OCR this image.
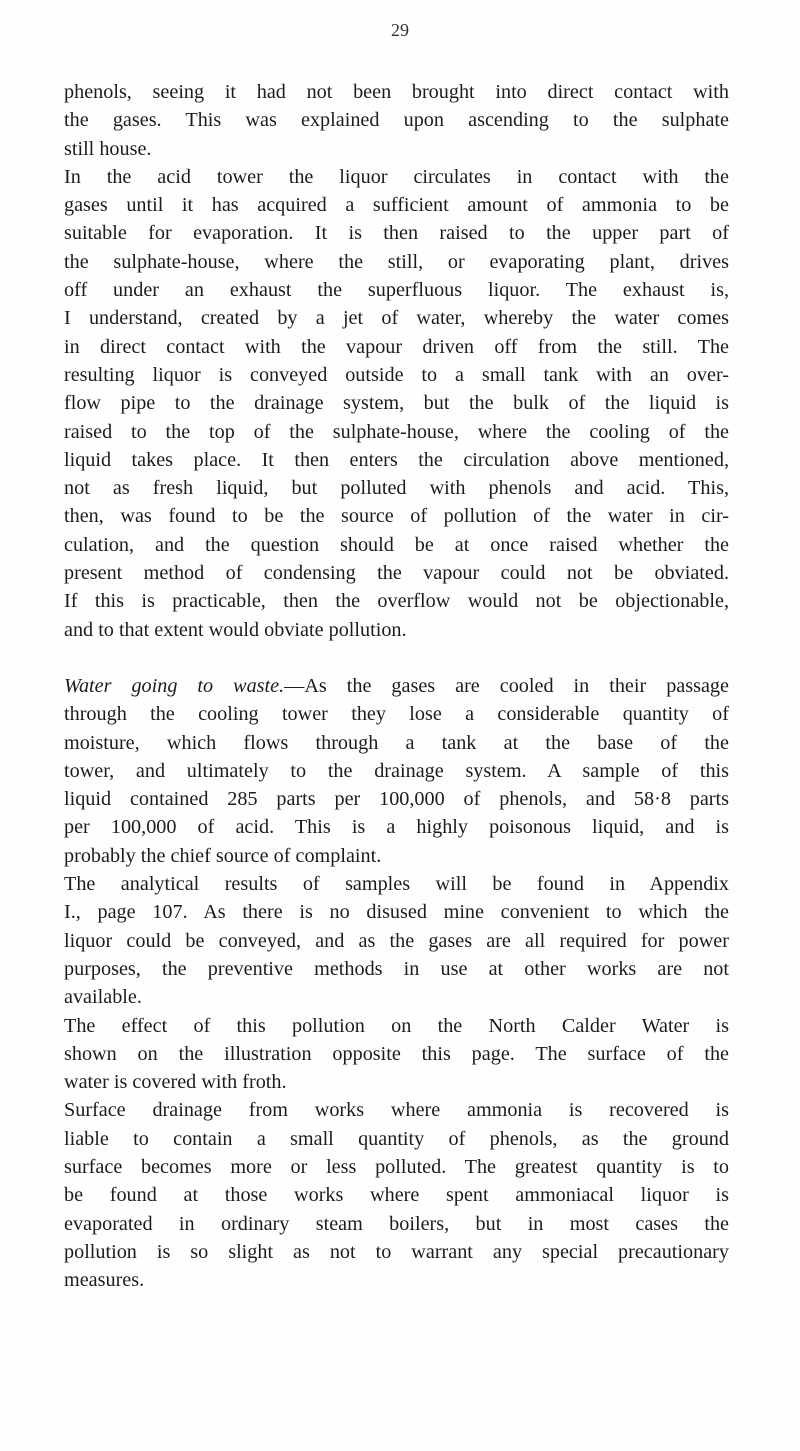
29
phenols, seeing it had not been brought into direct contact with
the gases. This was explained upon ascending to the sulphate
still house.
In the acid tower the liquor circulates in contact with the
gases until it has acquired a sufficient amount of ammonia to be
suitable for evaporation. It is then raised to the upper part of
the sulphate-house, where the still, or evaporating plant, drives
off under an exhaust the superfluous liquor. The exhaust is,
I understand, created by a jet of water, whereby the water comes
in direct contact with the vapour driven off from the still. The
resulting liquor is conveyed outside to a small tank with an over-
flow pipe to the drainage system, but the bulk of the liquid is
raised to the top of the sulphate-house, where the cooling of the
liquid takes place. It then enters the circulation above mentioned,
not as fresh liquid, but polluted with phenols and acid. This,
then, was found to be the source of pollution of the water in cir-
culation, and the question should be at once raised whether the
present method of condensing the vapour could not be obviated.
If this is practicable, then the overflow would not be objectionable,
and to that extent would obviate pollution.
Water going to waste.—As the gases are cooled in their passage
through the cooling tower they lose a considerable quantity of
moisture, which flows through a tank at the base of the
tower, and ultimately to the drainage system. A sample of this
liquid contained 285 parts per 100,000 of phenols, and 58·8 parts
per 100,000 of acid. This is a highly poisonous liquid, and is
probably the chief source of complaint.
The analytical results of samples will be found in Appendix
I., page 107. As there is no disused mine convenient to which the
liquor could be conveyed, and as the gases are all required for power
purposes, the preventive methods in use at other works are not
available.
The effect of this pollution on the North Calder Water is
shown on the illustration opposite this page. The surface of the
water is covered with froth.
Surface drainage from works where ammonia is recovered is
liable to contain a small quantity of phenols, as the ground
surface becomes more or less polluted. The greatest quantity is to
be found at those works where spent ammoniacal liquor is
evaporated in ordinary steam boilers, but in most cases the
pollution is so slight as not to warrant any special precautionary
measures.
